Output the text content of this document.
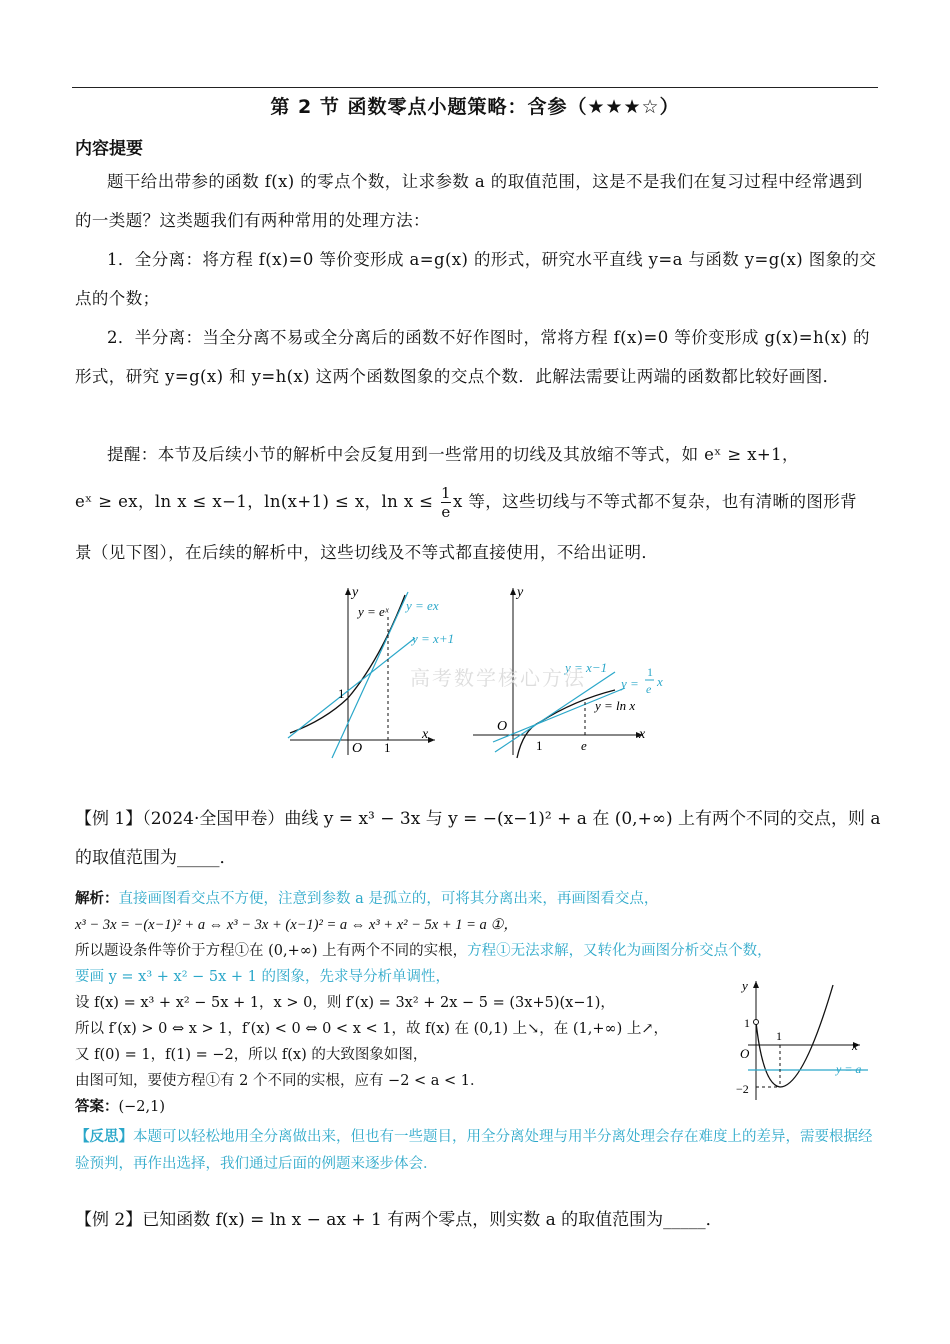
第 2 节 函数零点小题策略：含参（★★★☆）
内容提要
题干给出带参的函数 f(x) 的零点个数，让求参数 a 的取值范围，这是不是我们在复习过程中经常遇到的一类题？这类题我们有两种常用的处理方法：
1．全分离：将方程 f(x)=0 等价变形成 a=g(x) 的形式，研究水平直线 y=a 与函数 y=g(x) 图象的交点的个数；
2．半分离：当全分离不易或全分离后的函数不好作图时，常将方程 f(x)=0 等价变形成 g(x)=h(x) 的形式，研究 y=g(x) 和 y=h(x) 这两个函数图象的交点个数．此解法需要让两端的函数都比较好画图．
提醒：本节及后续小节的解析中会反复用到一些常用的切线及其放缩不等式，如 eˣ ≥ x+1，
eˣ ≥ ex，ln x ≤ x−1，ln(x+1) ≤ x，$\ln x \le \frac{1}{e}$ x 等，这些切线与不等式都不复杂，也有清晰的图形背
景（见下图），在后续的解析中，这些切线及不等式都直接使用，不给出证明．
y
x
O 1
1
y = eˣ y = ex
y = x+1
y
x
O
1	e
y = ln x
y = x−1
y =
1
e x
高考数学核心方法
【例 1】（2024·全国甲卷）曲线 y = x³ − 3x 与 y = −(x−1)² + a 在 (0,+∞) 上有两个不同的交点，则 a
的取值范围为_____．
解析：直接画图看交点不方便，注意到参数 a 是孤立的，可将其分离出来，再画图看交点，
x³ − 3x = −(x−1)² + a ⇔ x³ − 3x + (x−1)² = a ⇔ x³ + x² − 5x + 1 = a ①，
所以题设条件等价于方程①在 (0,+∞) 上有两个不同的实根，方程①无法求解，又转化为画图分析交点个数，
要画 y = x³ + x² − 5x + 1 的图象，先求导分析单调性，
设 f(x) = x³ + x² − 5x + 1，x > 0，则 f′(x) = 3x² + 2x − 5 = (3x+5)(x−1)，
所以 f′(x) > 0 ⇔ x > 1，f′(x) < 0 ⇔ 0 < x < 1，故 f(x) 在 (0,1) 上↘，在 (1,+∞) 上↗，
又 f(0) = 1，f(1) = −2，所以 f(x) 的大致图象如图，
由图可知，要使方程①有 2 个不同的实根，应有 −2 < a < 1．
答案：(−2,1)
y
x
O
1
1
−2
y = a
【反思】本题可以轻松地用全分离做出来，但也有一些题目，用全分离处理与用半分离处理会存在难度上的差异，需要根据经验预判，再作出选择，我们通过后面的例题来逐步体会．
【例 2】已知函数 f(x) = ln x − ax + 1 有两个零点，则实数 a 的取值范围为_____．
